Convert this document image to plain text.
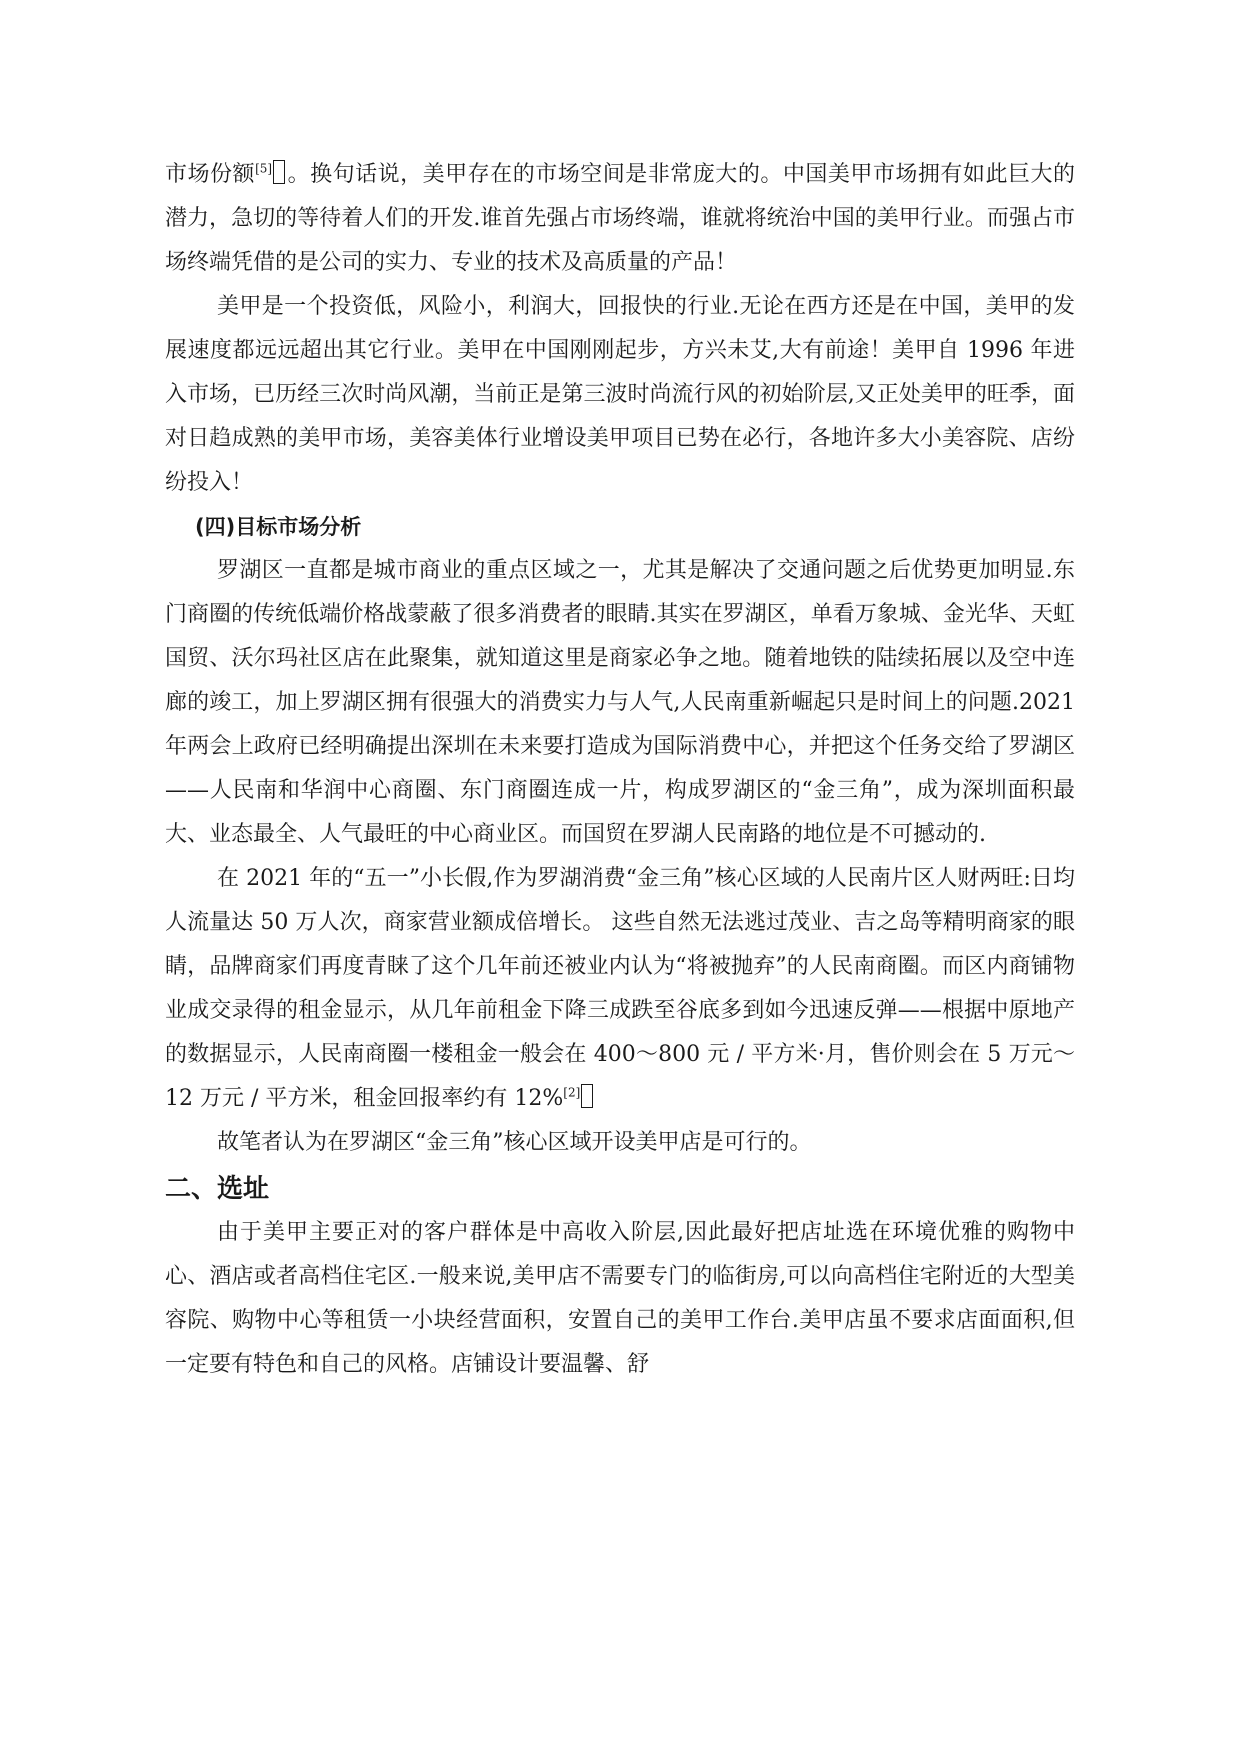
市场份额[5] 。换句话说，美甲存在的市场空间是非常庞大的。中国美甲市场拥有如此巨大的潜力，急切的等待着人们的开发.谁首先强占市场终端，谁就将统治中国的美甲行业。而强占市场终端凭借的是公司的实力、专业的技术及高质量的产品！

美甲是一个投资低，风险小，利润大，回报快的行业.无论在西方还是在中国，美甲的发展速度都远远超出其它行业。美甲在中国刚刚起步，方兴未艾,大有前途！美甲自 1996 年进入市场，已历经三次时尚风潮，当前正是第三波时尚流行风的初始阶层,又正处美甲的旺季，面对日趋成熟的美甲市场，美容美体行业增设美甲项目已势在必行，各地许多大小美容院、店纷纷投入！

(四)目标市场分析

罗湖区一直都是城市商业的重点区域之一，尤其是解决了交通问题之后优势更加明显.东门商圈的传统低端价格战蒙蔽了很多消费者的眼睛.其实在罗湖区，单看万象城、金光华、天虹国贸、沃尔玛社区店在此聚集，就知道这里是商家必争之地。随着地铁的陆续拓展以及空中连廊的竣工，加上罗湖区拥有很强大的消费实力与人气,人民南重新崛起只是时间上的问题.2021 年两会上政府已经明确提出深圳在未来要打造成为国际消费中心，并把这个任务交给了罗湖区——人民南和华润中心商圈、东门商圈连成一片，构成罗湖区的“金三角”，成为深圳面积最大、业态最全、人气最旺的中心商业区。而国贸在罗湖人民南路的地位是不可撼动的.

在 2021 年的“五一”小长假,作为罗湖消费“金三角”核心区域的人民南片区人财两旺:日均人流量达 50 万人次，商家营业额成倍增长。 这些自然无法逃过茂业、吉之岛等精明商家的眼睛，品牌商家们再度青睐了这个几年前还被业内认为“将被抛弃”的人民南商圈。而区内商铺物业成交录得的租金显示，从几年前租金下降三成跌至谷底多到如今迅速反弹——根据中原地产的数据显示，人民南商圈一楼租金一般会在 400～800 元 / 平方米·月，售价则会在 5 万元～12 万元 / 平方米，租金回报率约有 12%[2]

故笔者认为在罗湖区“金三角”核心区域开设美甲店是可行的。

二、选址

由于美甲主要正对的客户群体是中高收入阶层,因此最好把店址选在环境优雅的购物中心、酒店或者高档住宅区.一般来说,美甲店不需要专门的临街房,可以向高档住宅附近的大型美容院、购物中心等租赁一小块经营面积，安置自己的美甲工作台.美甲店虽不要求店面面积,但一定要有特色和自己的风格。店铺设计要温馨、舒
